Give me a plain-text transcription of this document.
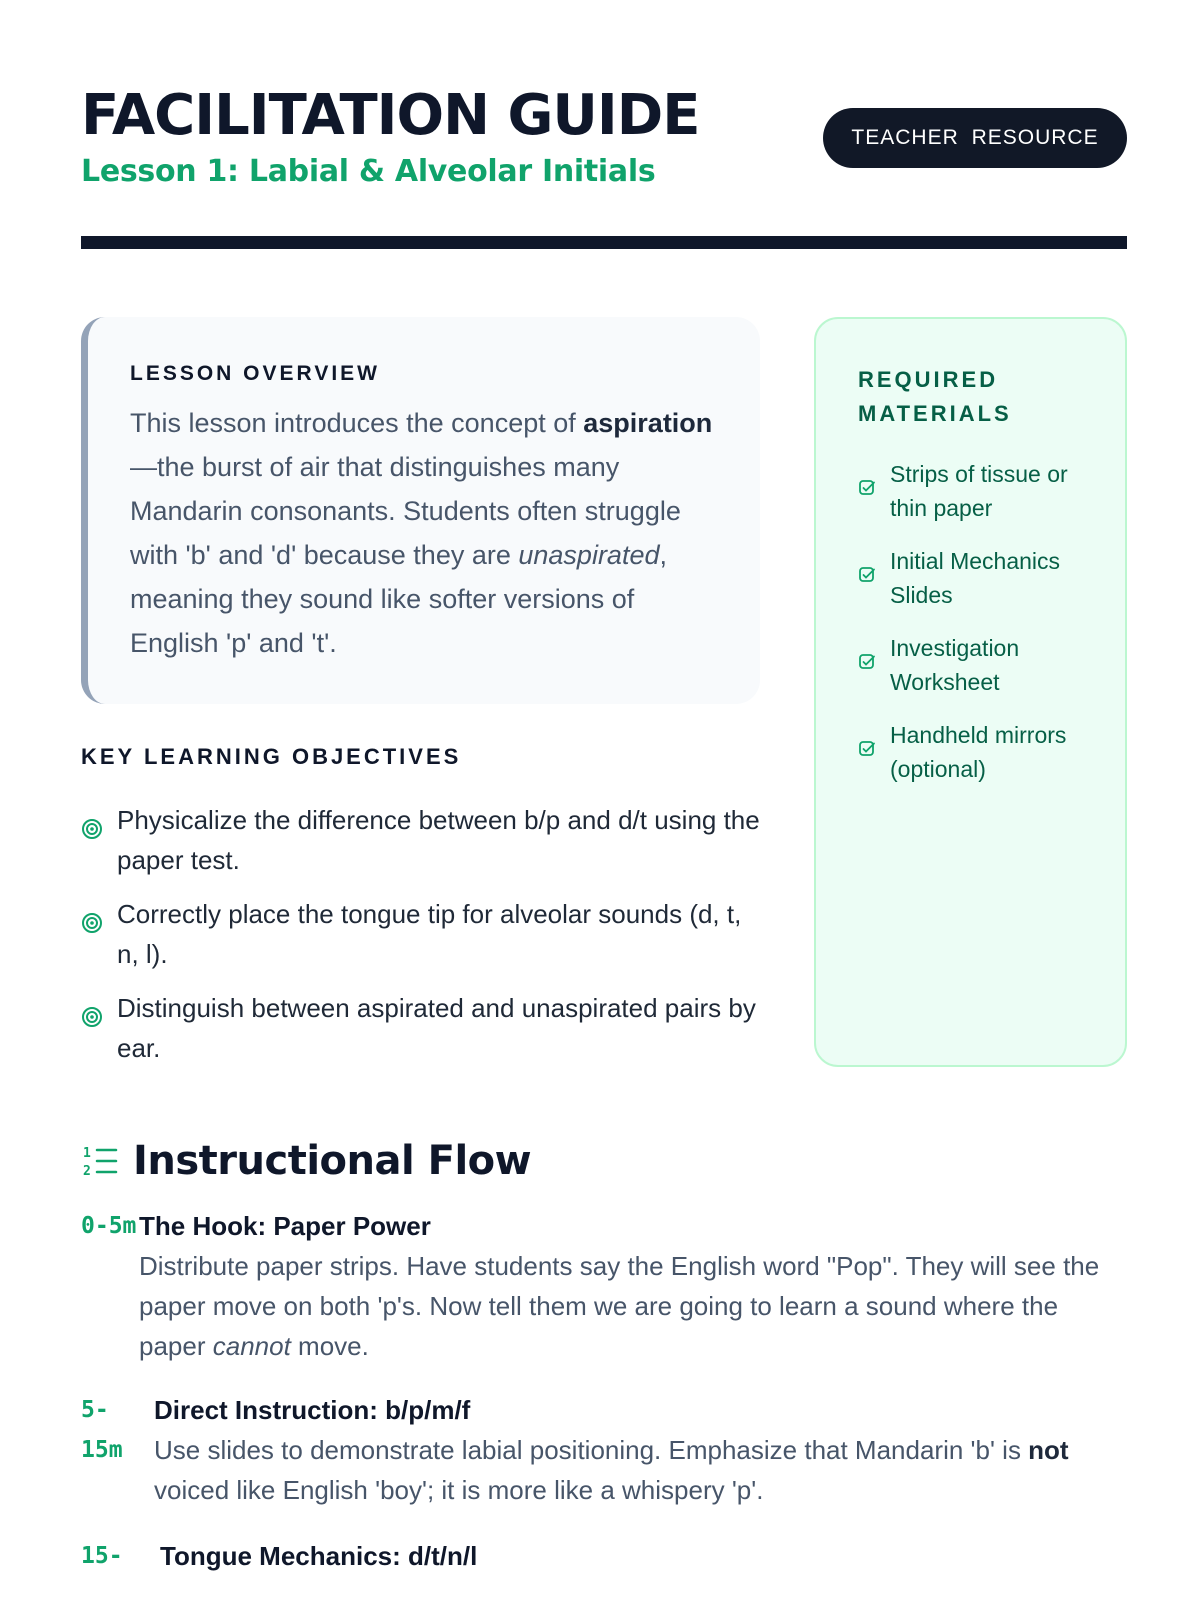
FACILITATION GUIDE
Lesson 1: Labial & Alveolar Initials
TEACHER RESOURCE
LESSON OVERVIEW

This lesson introduces the concept of aspiration—the burst of air that distinguishes many Mandarin consonants. Students often struggle with 'b' and 'd' because they are unaspirated, meaning they sound like softer versions of English 'p' and 't'.

KEY LEARNING OBJECTIVES
Physicalize the difference between b/p and d/t using the paper test.
Correctly place the tongue tip for alveolar sounds (d, t, n, l).
Distinguish between aspirated and unaspirated pairs by ear.
REQUIRED MATERIALS
Strips of tissue or thin paper
Initial Mechanics Slides
Investigation Worksheet
Handheld mirrors (optional)
1
2 Instructional Flow
0-5m The Hook: Paper Power
Distribute paper strips. Have students say the English word "Pop". They will see the paper move on both 'p's. Now tell them we are going to learn a sound where the paper cannot move.
5-15m
Direct Instruction: b/p/m/f
Use slides to demonstrate labial positioning. Emphasize that Mandarin 'b' is not voiced like English 'boy'; it is more like a whispery 'p'.
15-	Tongue Mechanics: d/t/n/l
